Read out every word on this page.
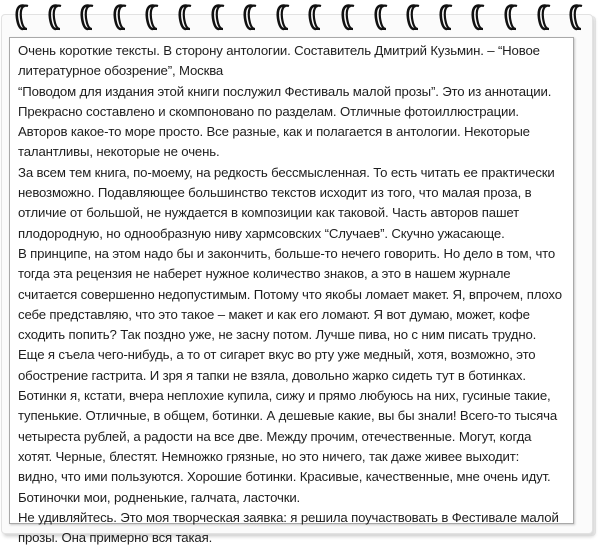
Очень короткие тексты. В сторону антологии. Составитель Дмитрий Кузьмин. – “Новое
литературное обозрение”, Москва
“Поводом для издания этой книги послужил Фестиваль малой прозы”. Это из аннотации.
Прекрасно составлено и скомпоновано по разделам. Отличные фотоиллюстрации.
Авторов какое-то море просто. Все разные, как и полагается в антологии. Некоторые
талантливы, некоторые не очень.
За всем тем книга, по-моему, на редкость бессмысленная. То есть читать ее практически
невозможно. Подавляющее большинство текстов исходит из того, что малая проза, в
отличие от большой, не нуждается в композиции как таковой. Часть авторов пашет
плодородную, но однообразную ниву хармсовских “Случаев”. Скучно ужасающе.
В принципе, на этом надо бы и закончить, больше-то нечего говорить. Но дело в том, что
тогда эта рецензия не наберет нужное количество знаков, а это в нашем журнале
считается совершенно недопустимым. Потому что якобы ломает макет. Я, впрочем, плохо
себе представляю, что это такое – макет и как его ломают. Я вот думаю, может, кофе
сходить попить? Так поздно уже, не засну потом. Лучше пива, но с ним писать трудно.
Еще я съела чего-нибудь, а то от сигарет вкус во рту уже медный, хотя, возможно, это
обострение гастрита. И зря я тапки не взяла, довольно жарко сидеть тут в ботинках.
Ботинки я, кстати, вчера неплохие купила, сижу и прямо любуюсь на них, гусиные такие,
тупенькие. Отличные, в общем, ботинки. А дешевые какие, вы бы знали! Всего-то тысяча
четыреста рублей, а радости на все две. Между прочим, отечественные. Могут, когда
хотят. Черные, блестят. Немножко грязные, но это ничего, так даже живее выходит:
видно, что ими пользуются. Хорошие ботинки. Красивые, качественные, мне очень идут.
Ботиночки мои, родненькие, галчата, ласточки.
Не удивляйтесь. Это моя творческая заявка: я решила поучаствовать в Фестивале малой
прозы. Она примерно вся такая.
